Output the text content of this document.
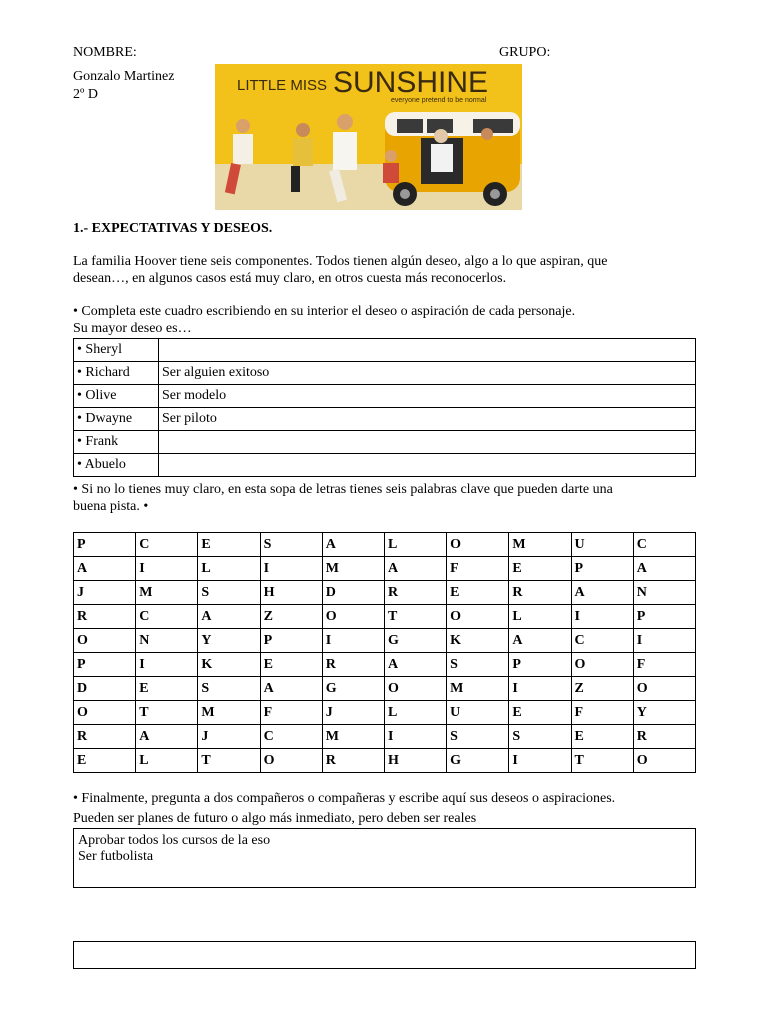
NOMBRE:	GRUPO:
Gonzalo Martinez
2º D
LITTLE MISS SUNSHINE
everyone pretend to be normal
1.- EXPECTATIVAS Y DESEOS.
La familia Hoover tiene seis componentes. Todos tienen algún deseo, algo a lo que aspiran, que
desean…, en algunos casos está muy claro, en otros cuesta más reconocerlos.
• Completa este cuadro escribiendo en su interior el deseo o aspiración de cada personaje.
Su mayor deseo es…
• Sheryl	
• Richard	Ser alguien exitoso
• Olive	Ser modelo
• Dwayne	Ser piloto
• Frank	
• Abuelo	
• Si no lo tienes muy claro, en esta sopa de letras tienes seis palabras clave que pueden darte una
buena pista. •
P	C	E	S	A	L	O	M	U	C
A	I	L	I	M	A	F	E	P	A
J	M	S	H	D	R	E	R	A	N
R	C	A	Z	O	T	O	L	I	P
O	N	Y	P	I	G	K	A	C	I
P	I	K	E	R	A	S	P	O	F
D	E	S	A	G	O	M	I	Z	O
O	T	M	F	J	L	U	E	F	Y
R	A	J	C	M	I	S	S	E	R
E	L	T	O	R	H	G	I	T	O
• Finalmente, pregunta a dos compañeros o compañeras y escribe aquí sus deseos o aspiraciones.
Pueden ser planes de futuro o algo más inmediato, pero deben ser reales
Aprobar todos los cursos de la eso
Ser futbolista
